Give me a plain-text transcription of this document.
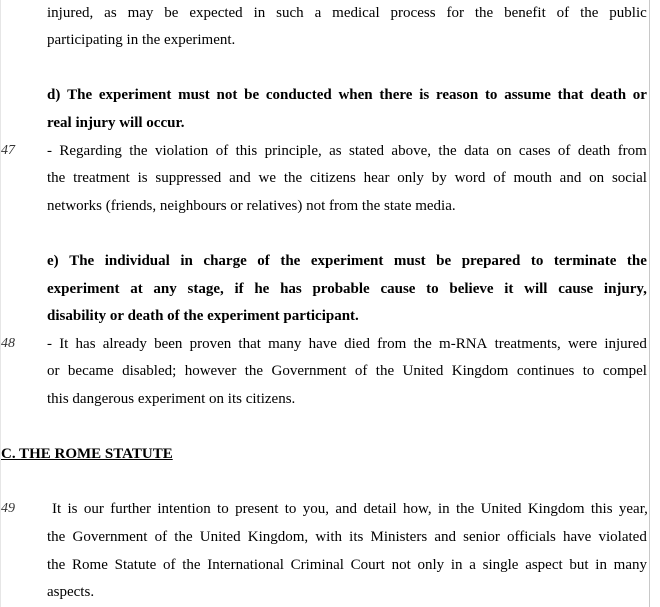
injured, as may be expected in such a medical process for the benefit of the public
participating in the experiment.
d) The experiment must not be conducted when there is reason to assume that death or
real injury will occur.
47 - Regarding the violation of this principle, as stated above, the data on cases of death from
the treatment is suppressed and we the citizens hear only by word of mouth and on social
networks (friends, neighbours or relatives) not from the state media.
e) The individual in charge of the experiment must be prepared to terminate the
experiment at any stage, if he has probable cause to believe it will cause injury,
disability or death of the experiment participant.
48 - It has already been proven that many have died from the m-RNA treatments, were injured
or became disabled; however the Government of the United Kingdom continues to compel
this dangerous experiment on its citizens.
C. THE ROME STATUTE
49 It is our further intention to present to you, and detail how, in the United Kingdom this year,
the Government of the United Kingdom, with its Ministers and senior officials have violated
the Rome Statute of the International Criminal Court not only in a single aspect but in many
aspects.
